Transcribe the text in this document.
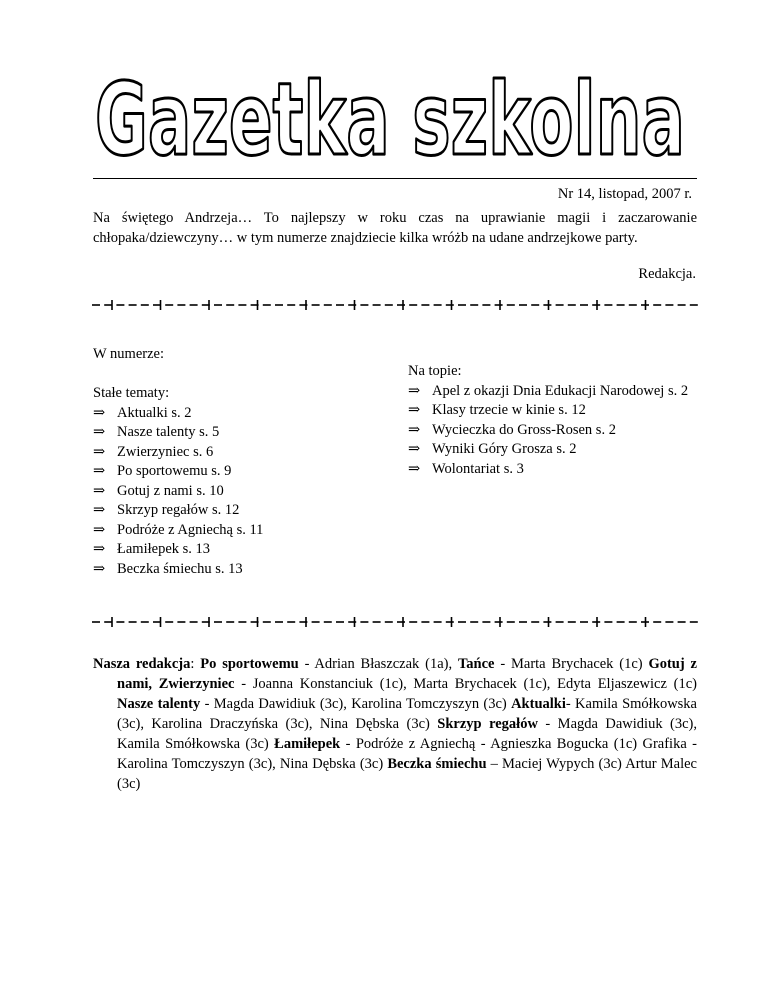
Gazetka szkolna
Nr 14, listopad, 2007 r.
Na świętego Andrzeja… To najlepszy w roku czas na uprawianie magii i zaczarowanie chłopaka/dziewczyny… w tym numerze znajdziecie kilka wróżb na udane andrzejkowe party.
Redakcja.
W numerze:
Stałe tematy:
⇒ Aktualki s. 2
⇒ Nasze talenty s. 5
⇒ Zwierzyniec s. 6
⇒ Po sportowemu s. 9
⇒ Gotuj z nami s. 10
⇒ Skrzyp regałów s. 12
⇒ Podróże z Agniechą s. 11
⇒ Łamiłepek s. 13
⇒ Beczka śmiechu s. 13
Na topie:
⇒ Apel z okazji Dnia Edukacji Narodowej s. 2
⇒ Klasy trzecie w kinie s. 12
⇒ Wycieczka do Gross-Rosen s. 2
⇒ Wyniki Góry Grosza s. 2
⇒ Wolontariat s. 3
Nasza redakcja: Po sportowemu - Adrian Błaszczak (1a), Tańce - Marta Brychacek (1c) Gotuj z nami, Zwierzyniec - Joanna Konstanciuk (1c), Marta Brychacek (1c), Edyta Eljaszewicz (1c) Nasze talenty - Magda Dawidiuk (3c), Karolina Tomczyszyn (3c) Aktualki- Kamila Smółkowska (3c), Karolina Draczyńska (3c), Nina Dębska (3c) Skrzyp regałów - Magda Dawidiuk (3c), Kamila Smółkowska (3c) Łamiłepek - Podróże z Agniechą - Agnieszka Bogucka (1c) Grafika - Karolina Tomczyszyn (3c), Nina Dębska (3c) Beczka śmiechu – Maciej Wypych (3c) Artur Malec (3c)
